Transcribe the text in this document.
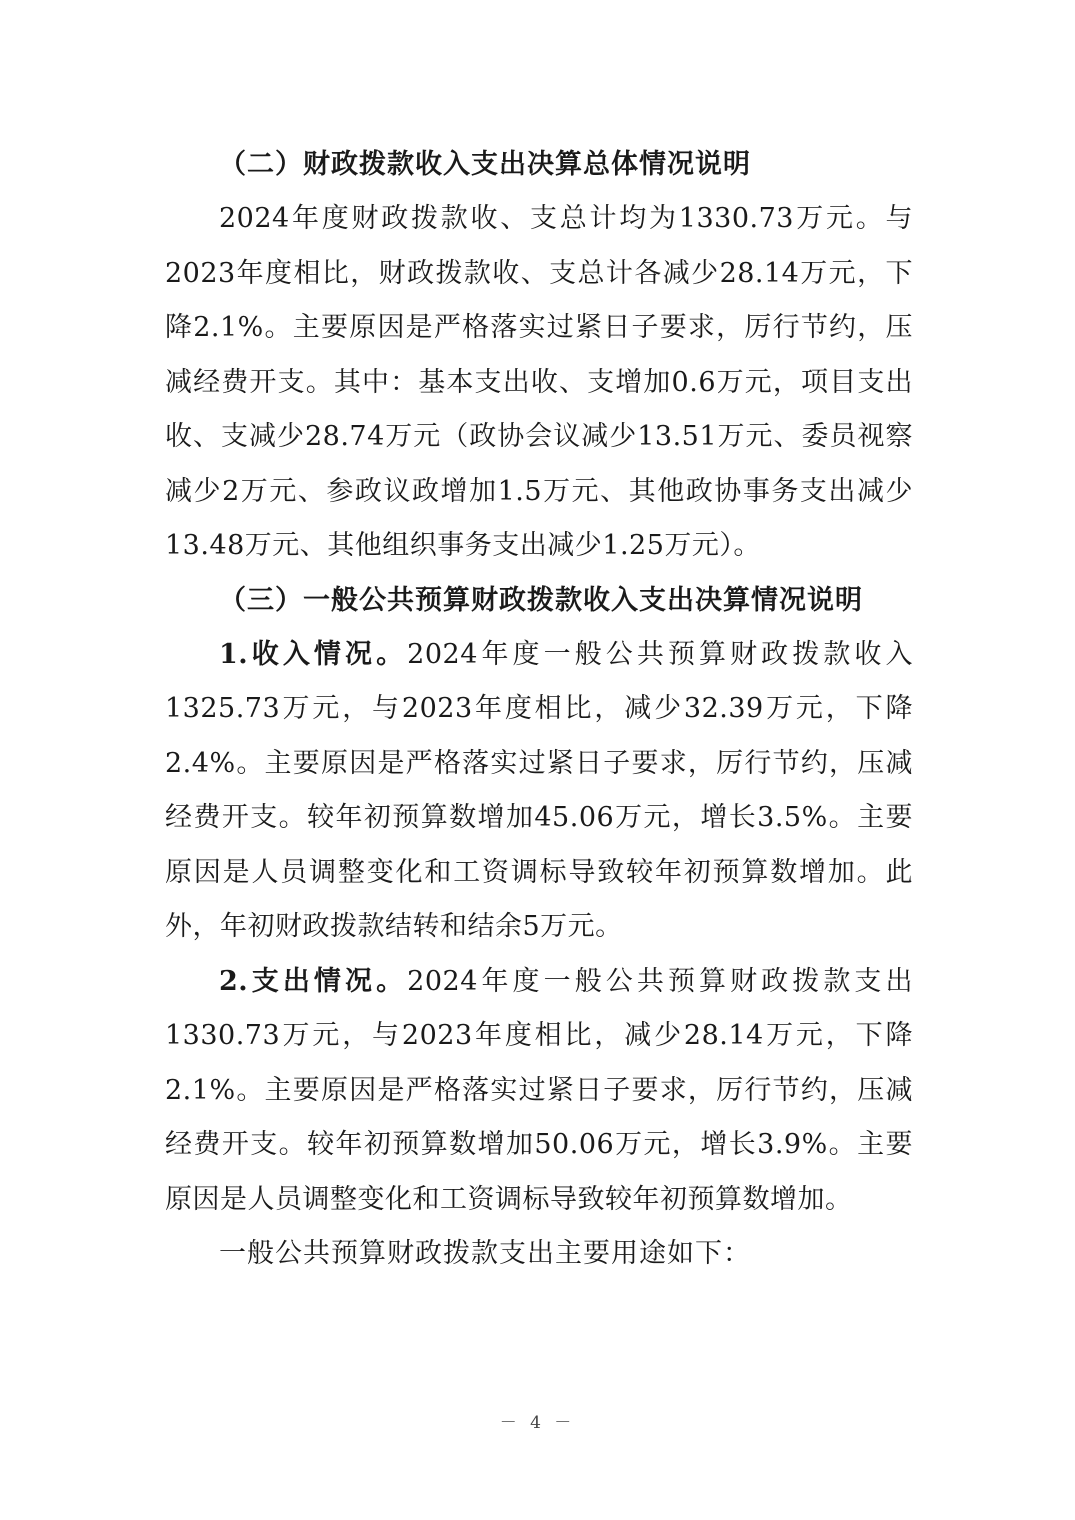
（二）财政拨款收入支出决算总体情况说明

2024年度财政拨款收、支总计均为1330.73万元。与2023年度相比，财政拨款收、支总计各减少28.14万元，下降2.1%。主要原因是严格落实过紧日子要求，厉行节约，压减经费开支。其中：基本支出收、支增加0.6万元，项目支出收、支减少28.74万元（政协会议减少13.51万元、委员视察减少2万元、参政议政增加1.5万元、其他政协事务支出减少13.48万元、其他组织事务支出减少1.25万元）。

（三）一般公共预算财政拨款收入支出决算情况说明

1.收入情况。2024年度一般公共预算财政拨款收入1325.73万元，与2023年度相比，减少32.39万元，下降2.4%。主要原因是严格落实过紧日子要求，厉行节约，压减经费开支。较年初预算数增加45.06万元，增长3.5%。主要原因是人员调整变化和工资调标导致较年初预算数增加。此外，年初财政拨款结转和结余5万元。

2.支出情况。2024年度一般公共预算财政拨款支出1330.73万元，与2023年度相比，减少28.14万元，下降2.1%。主要原因是严格落实过紧日子要求，厉行节约，压减经费开支。较年初预算数增加50.06万元，增长3.9%。主要原因是人员调整变化和工资调标导致较年初预算数增加。

一般公共预算财政拨款支出主要用途如下：

－ 4 －
